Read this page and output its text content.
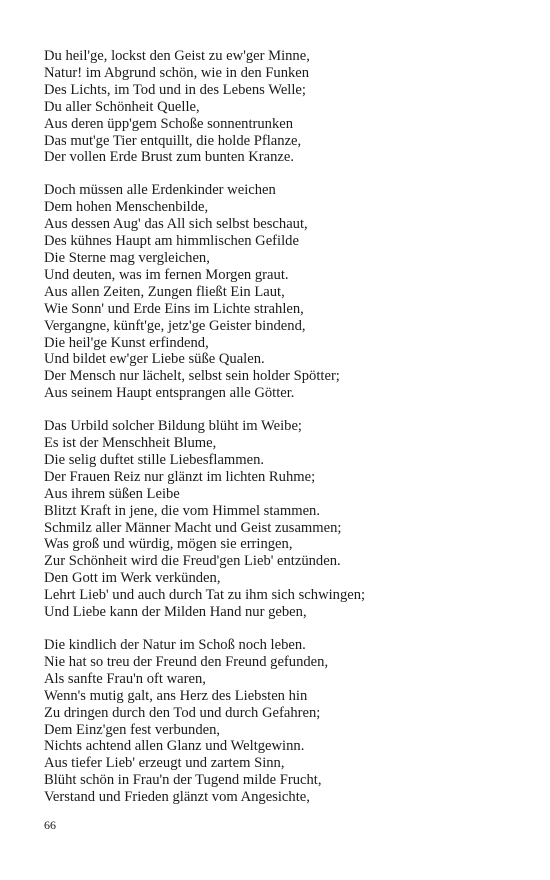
Du heil'ge, lockst den Geist zu ew'ger Minne,
Natur! im Abgrund schön, wie in den Funken
Des Lichts, im Tod und in des Lebens Welle;
Du aller Schönheit Quelle,
Aus deren üpp'gem Schoße sonnentrunken
Das mut'ge Tier entquillt, die holde Pflanze,
Der vollen Erde Brust zum bunten Kranze.
Doch müssen alle Erdenkinder weichen
Dem hohen Menschenbilde,
Aus dessen Aug' das All sich selbst beschaut,
Des kühnes Haupt am himmlischen Gefilde
Die Sterne mag vergleichen,
Und deuten, was im fernen Morgen graut.
Aus allen Zeiten, Zungen fließt Ein Laut,
Wie Sonn' und Erde Eins im Lichte strahlen,
Vergangne, künft'ge, jetz'ge Geister bindend,
Die heil'ge Kunst erfindend,
Und bildet ew'ger Liebe süße Qualen.
Der Mensch nur lächelt, selbst sein holder Spötter;
Aus seinem Haupt entsprangen alle Götter.
Das Urbild solcher Bildung blüht im Weibe;
Es ist der Menschheit Blume,
Die selig duftet stille Liebesflammen.
Der Frauen Reiz nur glänzt im lichten Ruhme;
Aus ihrem süßen Leibe
Blitzt Kraft in jene, die vom Himmel stammen.
Schmilz aller Männer Macht und Geist zusammen;
Was groß und würdig, mögen sie erringen,
Zur Schönheit wird die Freud'gen Lieb' entzünden.
Den Gott im Werk verkünden,
Lehrt Lieb' und auch durch Tat zu ihm sich schwingen;
Und Liebe kann der Milden Hand nur geben,
Die kindlich der Natur im Schoß noch leben.
Nie hat so treu der Freund den Freund gefunden,
Als sanfte Frau'n oft waren,
Wenn's mutig galt, ans Herz des Liebsten hin
Zu dringen durch den Tod und durch Gefahren;
Dem Einz'gen fest verbunden,
Nichts achtend allen Glanz und Weltgewinn.
Aus tiefer Lieb' erzeugt und zartem Sinn,
Blüht schön in Frau'n der Tugend milde Frucht,
Verstand und Frieden glänzt vom Angesichte,
66
